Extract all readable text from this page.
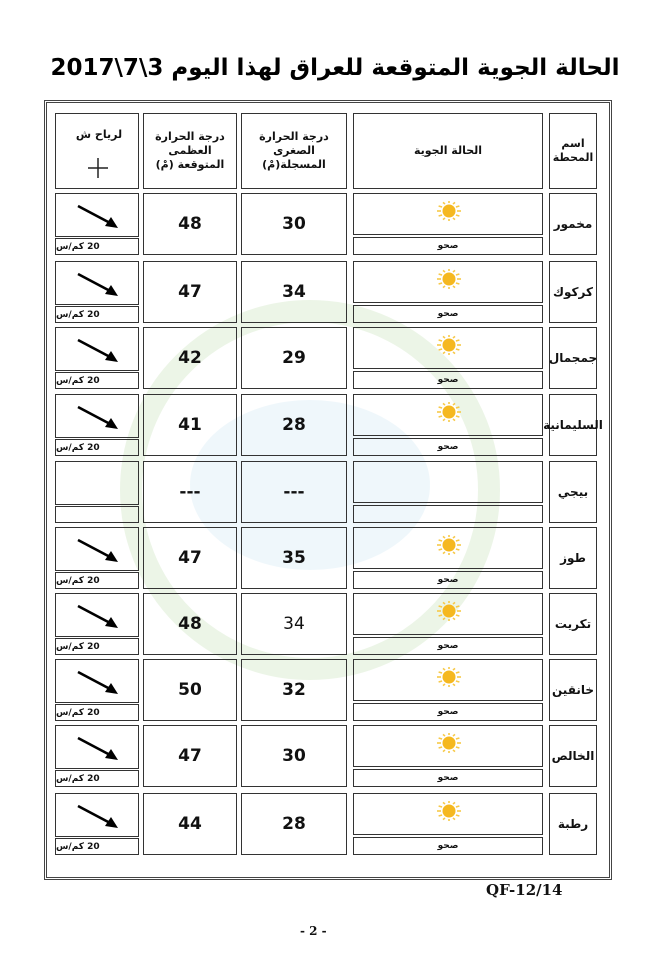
الحالة الجوية المتوقعة للعراق لهذا اليوم 3\7\2017
اسم المحطة
الحالة الجوية
درجة الحرارة الصغرى المسجلة(مْ)
درجة الحرارة العظمى المتوقعة (مْ)
لرياح ش
مخمور
صحو
30
48
20 كم/س
كركوك
صحو
34
47
20 كم/س
جمجمال
صحو
29
42
20 كم/س
السليمانية
صحو
28
41
20 كم/س
بيجي
---
---
طوز
صحو
35
47
20 كم/س
تكريت
صحو
34
48
20 كم/س
خانقين
صحو
32
50
20 كم/س
الخالص
صحو
30
47
20 كم/س
رطبة
صحو
28
44
20 كم/س
QF-12/14
- 2 -
